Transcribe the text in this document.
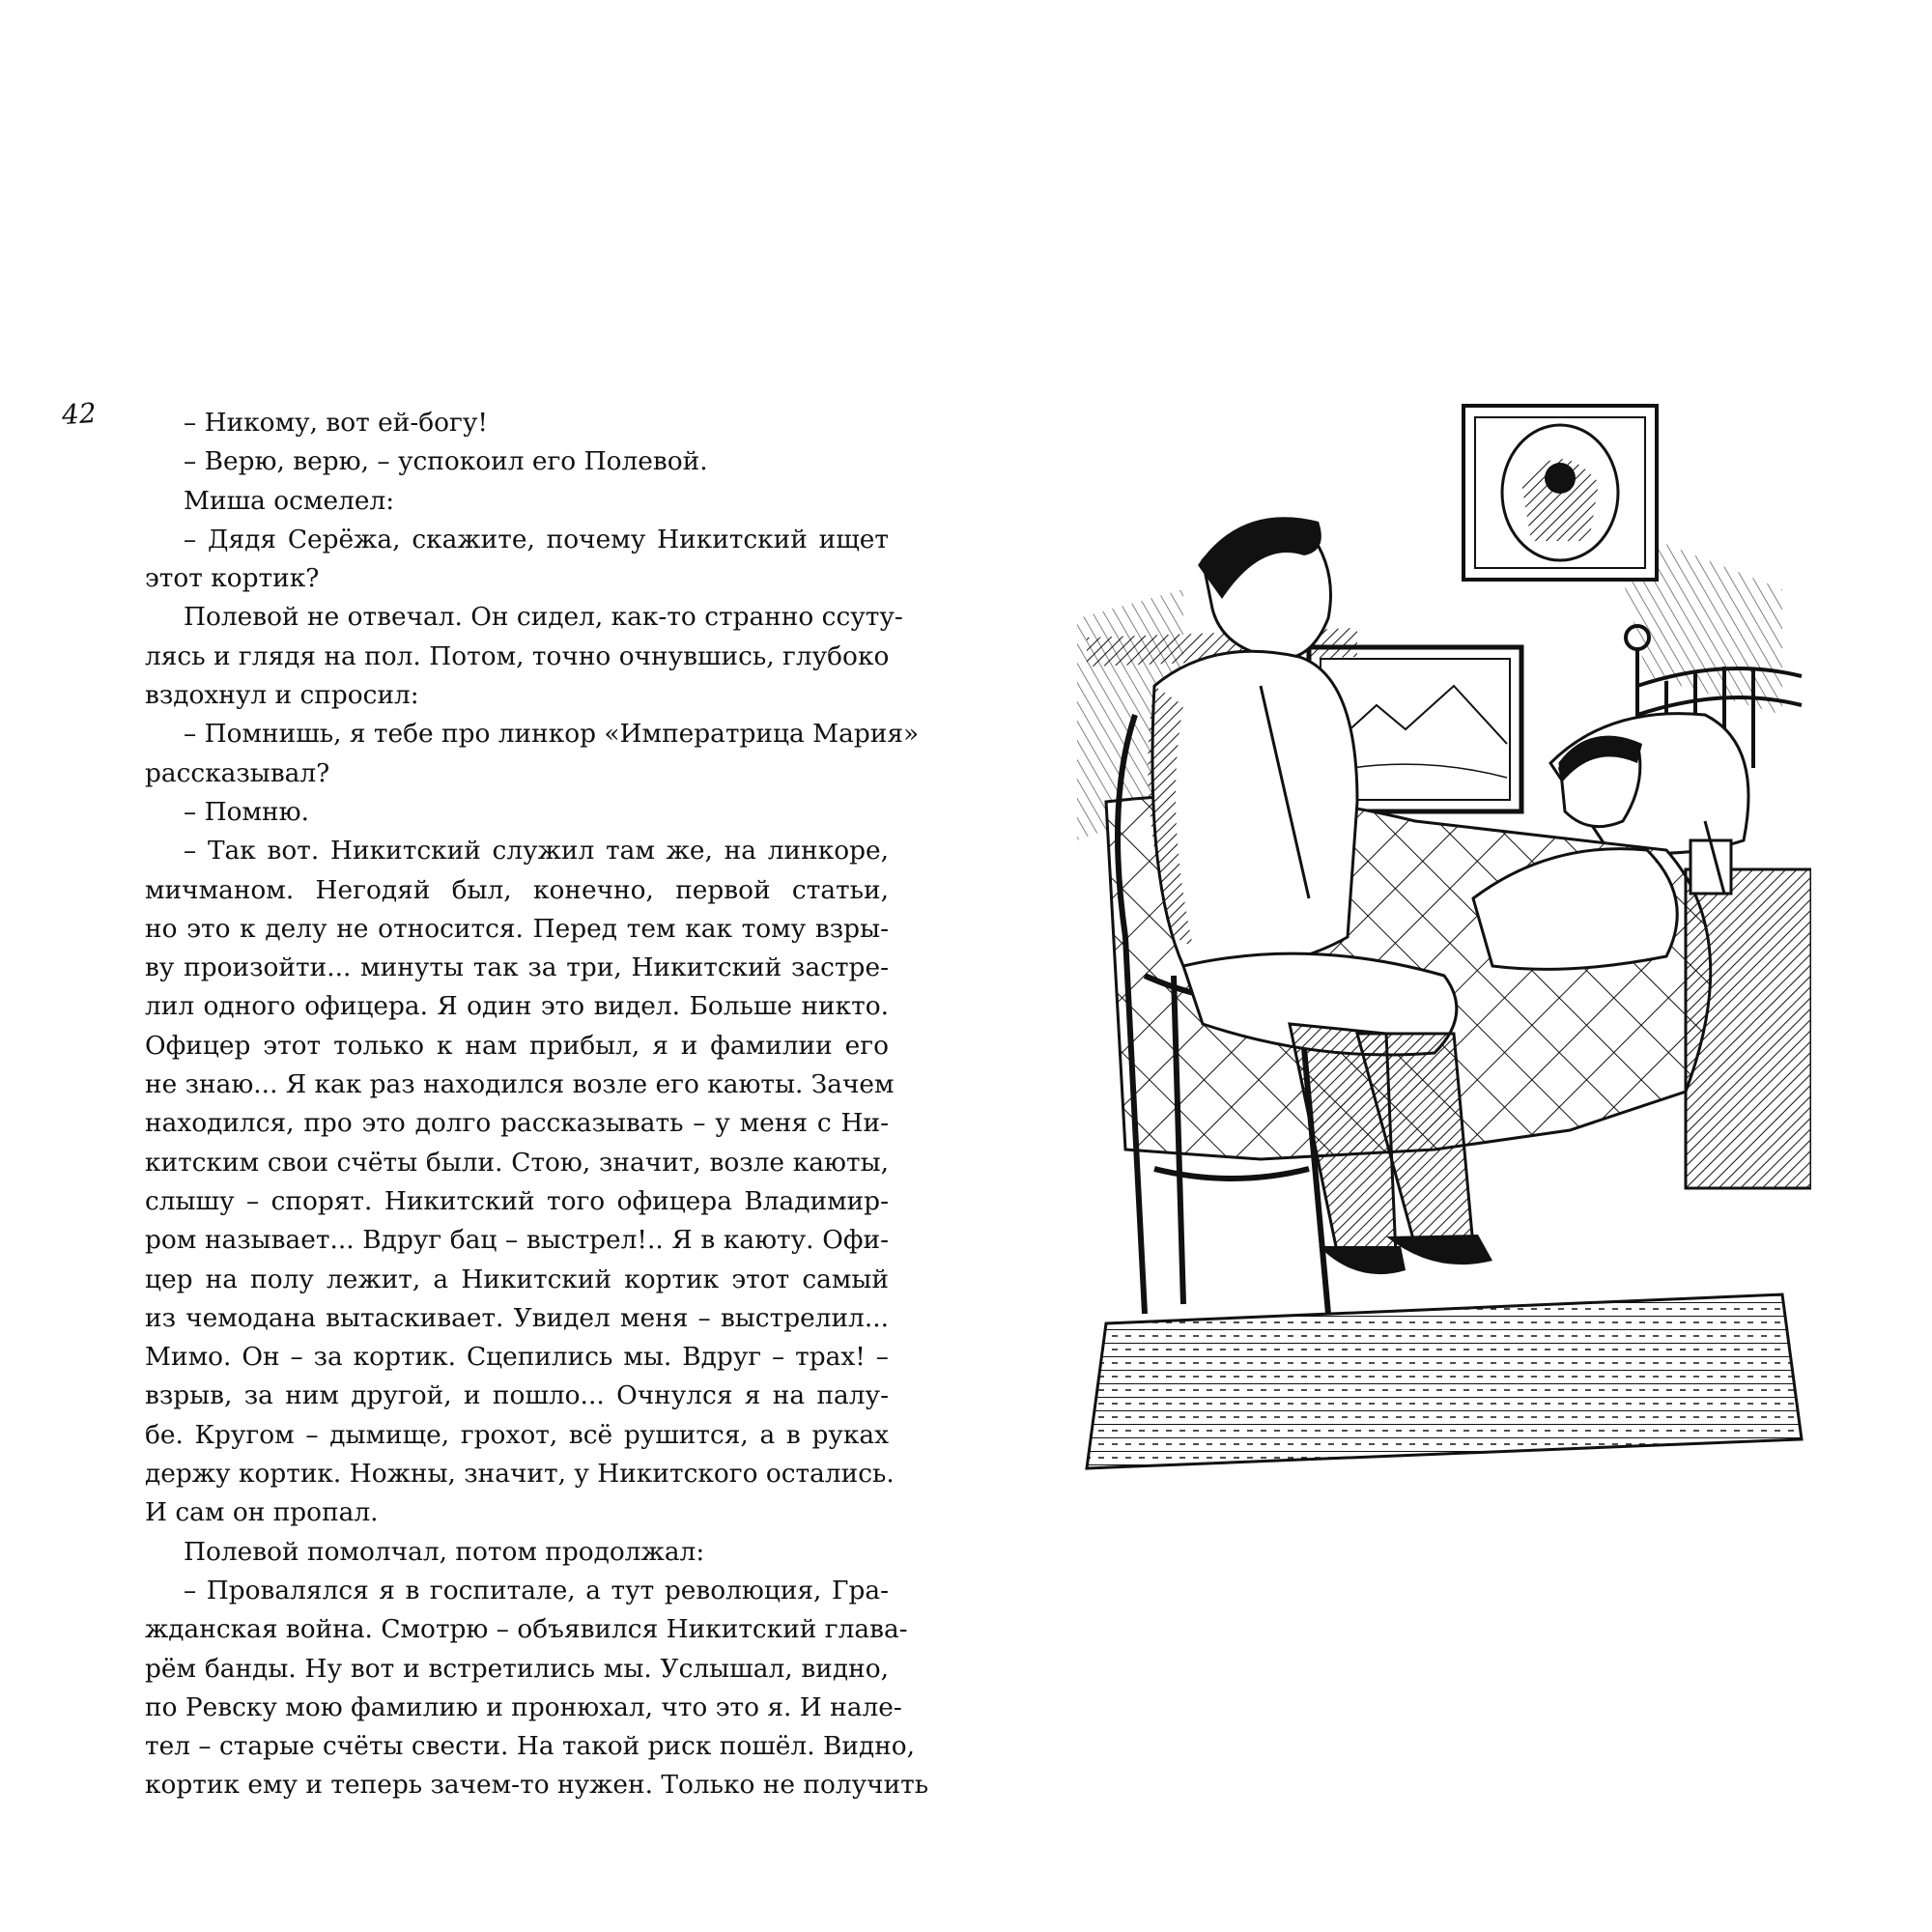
42	– Никому, вот ей-богу!
– Верю, верю, – успокоил его Полевой.
Миша осмелел:
– Дядя Серёжа, скажите, почему Никитский ищет
этот кортик?
Полевой не отвечал. Он сидел, как-то странно ссуту-
лясь и глядя на пол. Потом, точно очнувшись, глубоко
вздохнул и спросил:
– Помнишь, я тебе про линкор «Императрица Мария»
рассказывал?
– Помню.
– Так вот. Никитский служил там же, на линкоре,
мичманом. Негодяй был, конечно, первой статьи,
но это к делу не относится. Перед тем как тому взры-
ву произойти... минуты так за три, Никитский застре-
лил одного офицера. Я один это видел. Больше никто.
Офицер этот только к нам прибыл, я и фамилии его
не знаю... Я как раз находился возле его каюты. Зачем
находился, про это долго рассказывать – у меня с Ни-
китским свои счёты были. Стою, значит, возле каюты,
слышу – спорят. Никитский того офицера Владимир-
ром называет... Вдруг бац – выстрел!.. Я в каюту. Офи-
цер на полу лежит, а Никитский кортик этот самый
из чемодана вытаскивает. Увидел меня – выстрелил...
Мимо. Он – за кортик. Сцепились мы. Вдруг – трах! –
взрыв, за ним другой, и пошло... Очнулся я на палу-
бе. Кругом – дымище, грохот, всё рушится, а в руках
держу кортик. Ножны, значит, у Никитского остались.
И сам он пропал.
Полевой помолчал, потом продолжал:
– Провалялся я в госпитале, а тут революция, Гра-
жданская война. Смотрю – объявился Никитский глава-
рём банды. Ну вот и встретились мы. Услышал, видно,
по Ревску мою фамилию и пронюхал, что это я. И нале-
тел – старые счёты свести. На такой риск пошёл. Видно,
кортик ему и теперь зачем-то нужен. Только не получить
